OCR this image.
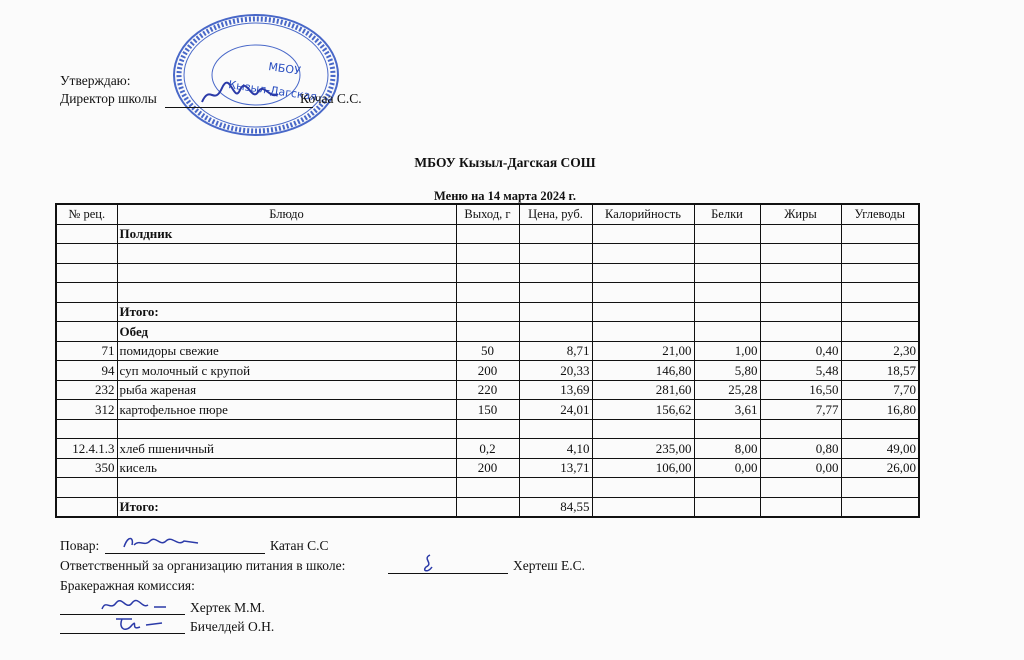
МБОУ
Кызыл-Дагская
Утверждаю:
Директор школы	Кочаа С.С.
МБОУ Кызыл-Дагская СОШ
Меню на 14 марта 2024 г.
№ рец.	Блюдо	Выход, г	Цена, руб.	Калорийность	Белки	Жиры	Углеводы
	Полдник						

	Итого:						
	Обед						
71	помидоры свежие	50	8,71	21,00	1,00	0,40	2,30
94	суп молочный с крупой	200	20,33	146,80	5,80	5,48	18,57
232	рыба жареная	220	13,69	281,60	25,28	16,50	7,70
312	картофельное пюре	150	24,01	156,62	3,61	7,77	16,80

12.4.1.3	хлеб пшеничный	0,2	4,10	235,00	8,00	0,80	49,00
350	кисель	200	13,71	106,00	0,00	0,00	26,00

	Итого:		84,55				
Повар:	Катан С.С
Ответственный за организацию питания в школе:	Хертеш Е.С.
Бракеражная комиссия:
Хертек М.М.
Бичелдей О.Н.
